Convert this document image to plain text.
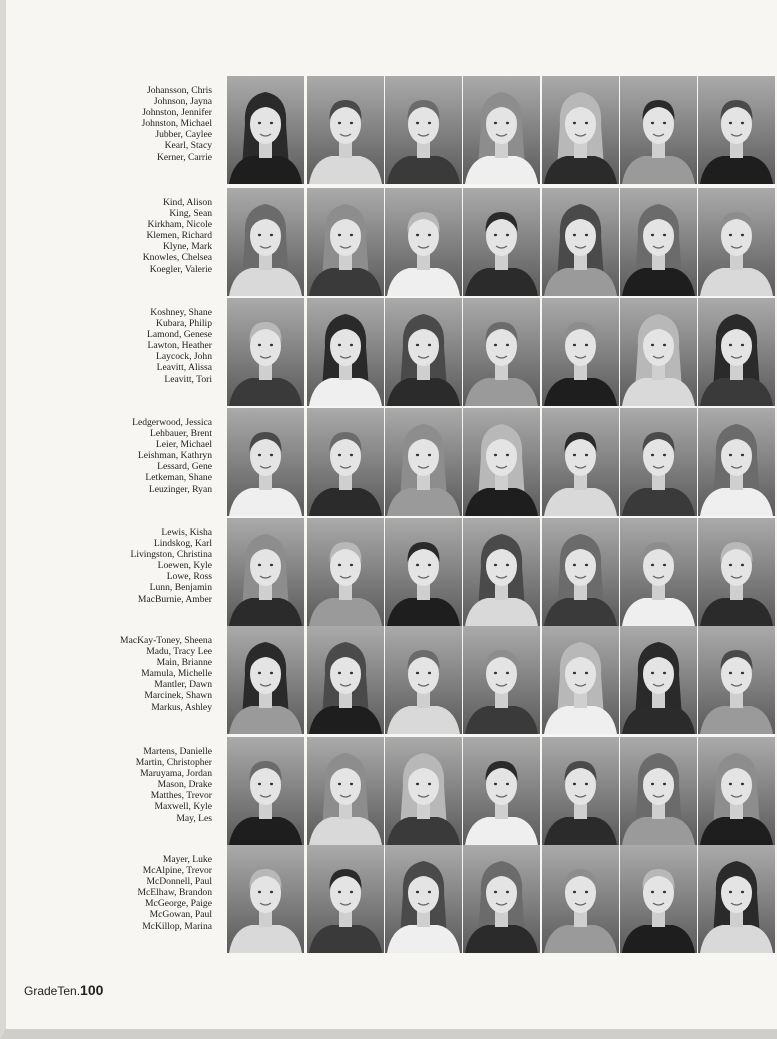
Johansson, Chris
Johnson, Jayna
Johnston, Jennifer
Johnston, Michael
Jubber, Caylee
Kearl, Stacy
Kerner, Carrie
Kind, Alison
King, Sean
Kirkham, Nicole
Klemen, Richard
Klyne, Mark
Knowles, Chelsea
Koegler, Valerie
Koshney, Shane
Kubara, Philip
Lamond, Genese
Lawton, Heather
Laycock, John
Leavitt, Alissa
Leavitt, Tori
Ledgerwood, Jessica
Lehbauer, Brent
Leier, Michael
Leishman, Kathryn
Lessard, Gene
Letkeman, Shane
Leuzinger, Ryan
Lewis, Kisha
Lindskog, Karl
Livingston, Christina
Loewen, Kyle
Lowe, Ross
Lunn, Benjamin
MacBurnie, Amber
MacKay-Toney, Sheena
Madu, Tracy Lee
Main, Brianne
Mamula, Michelle
Mantler, Dawn
Marcinek, Shawn
Markus, Ashley
Martens, Danielle
Martin, Christopher
Maruyama, Jordan
Mason, Drake
Matthes, Trevor
Maxwell, Kyle
May, Les
Mayer, Luke
McAlpine, Trevor
McDonnell, Paul
McElhaw, Brandon
McGeorge, Paige
McGowan, Paul
McKillop, Marina
GradeTen.100
